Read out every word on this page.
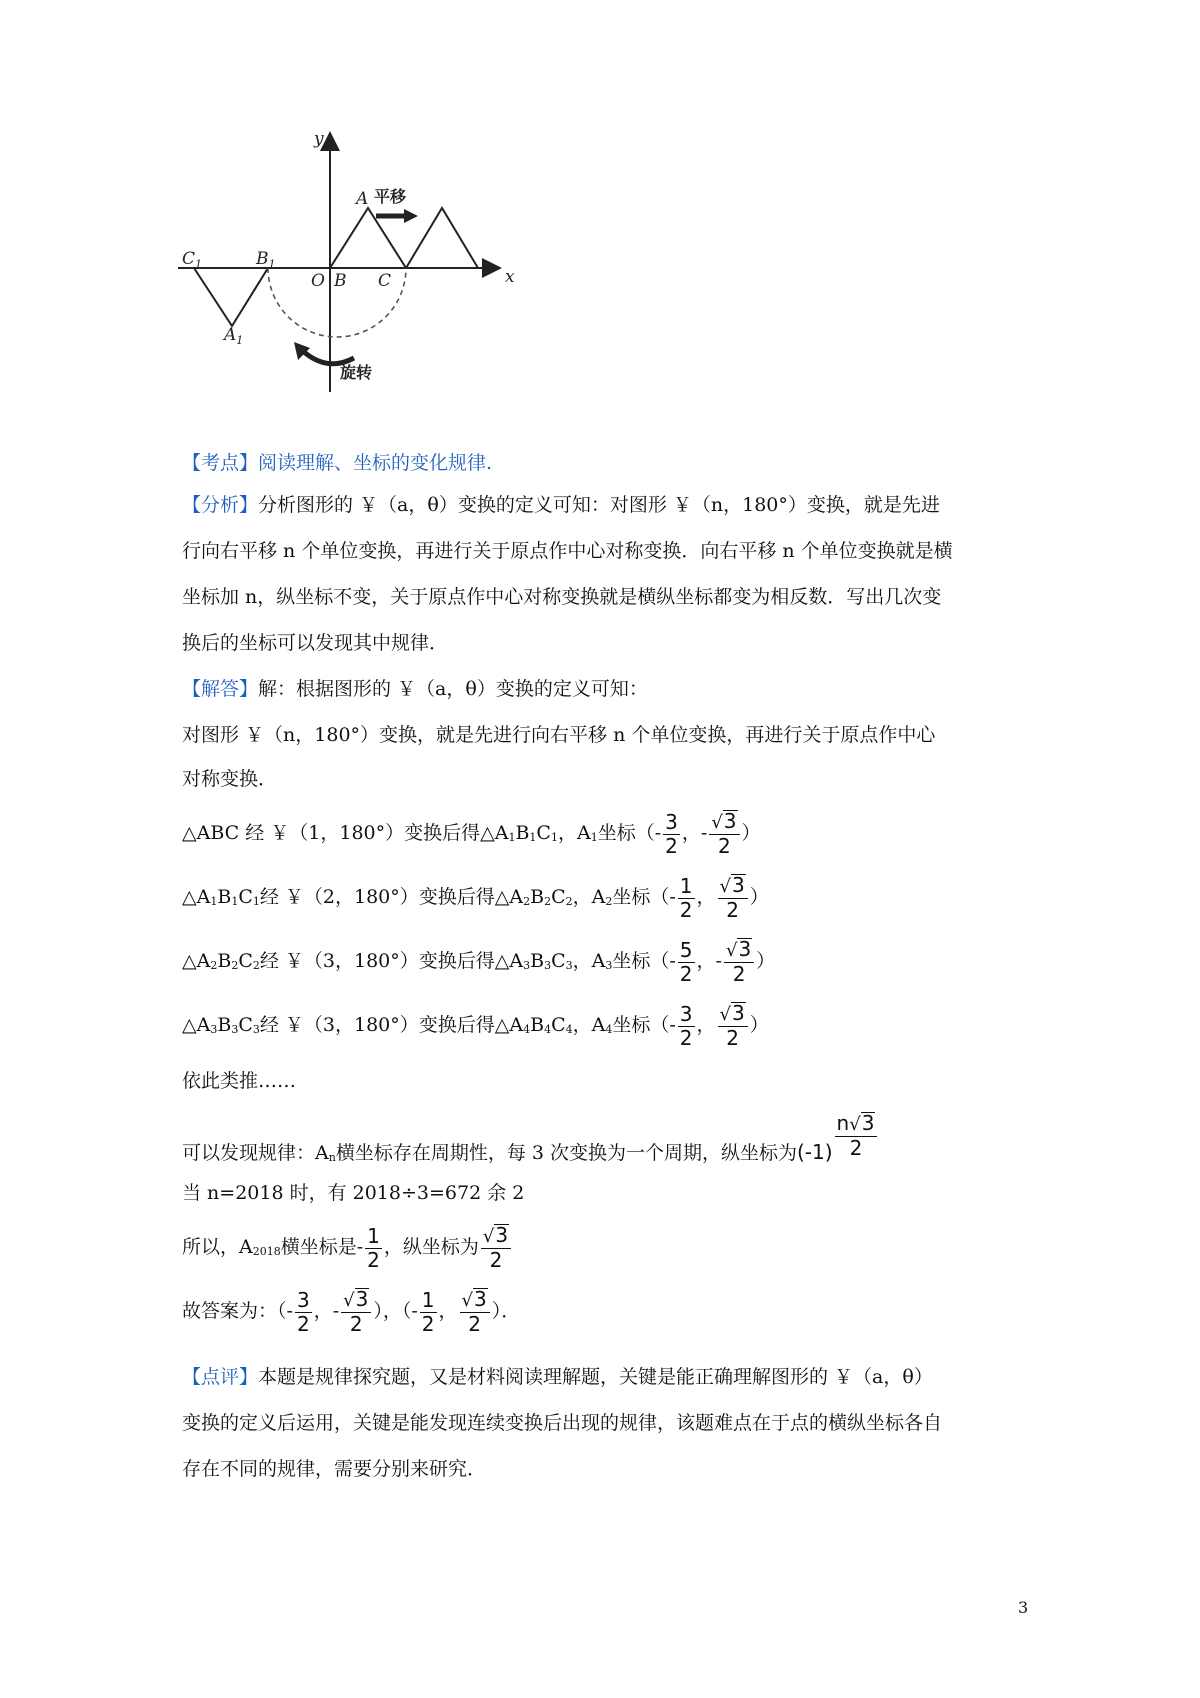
y
x
O B C
A
$C_1$	$B_1$
$A_1$
平移
旋转
【考点】阅读理解、坐标的变化规律.
【分析】分析图形的 ￥（a，θ）变换的定义可知：对图形 ￥（n，180°）变换，就是先进
行向右平移 n 个单位变换，再进行关于原点作中心对称变换．向右平移 n 个单位变换就是横
坐标加 n，纵坐标不变，关于原点作中心对称变换就是横纵坐标都变为相反数．写出几次变
换后的坐标可以发现其中规律．
【解答】解：根据图形的 ￥（a，θ）变换的定义可知：
对图形 ￥（n，180°）变换，就是先进行向右平移 n 个单位变换，再进行关于原点作中心
对称变换．
△ABC 经 ￥（1，180°）变换后得△A1B1C1，A1坐标（- $\frac{3}{2}$ ，- $\frac{√3}{2}$ ）
△A1B1C1经 ￥（2，180°）变换后得△A2B2C2，A2坐标（- $\frac{1}{2}$ ， $\frac{√3}{2}$ ）
△A2B2C2经 ￥（3，180°）变换后得△A3B3C3，A3坐标（- $\frac{5}{2}$ ，- $\frac{√3}{2}$ ）
△A3B3C3经 ￥（3，180°）变换后得△A4B4C4，A4坐标（- $\frac{3}{2}$ ， $\frac{√3}{2}$ ）
依此类推……
可以发现规律：An横坐标存在周期性，每 3 次变换为一个周期，纵坐标为$(-1) \frac{n√3}{2}$
当 n=2018 时，有 2018÷3=672 余 2
所以，A2018横坐标是- $\frac{1}{2}$ ，纵坐标为 $\frac{√3}{2}$
故答案为：（- $\frac{3}{2}$ ，- $\frac{√3}{2}$ ），（- $\frac{1}{2}$ ， $\frac{√3}{2}$ ）．
【点评】本题是规律探究题，又是材料阅读理解题，关键是能正确理解图形的 ￥（a，θ）
变换的定义后运用，关键是能发现连续变换后出现的规律，该题难点在于点的横纵坐标各自
存在不同的规律，需要分别来研究．
3
